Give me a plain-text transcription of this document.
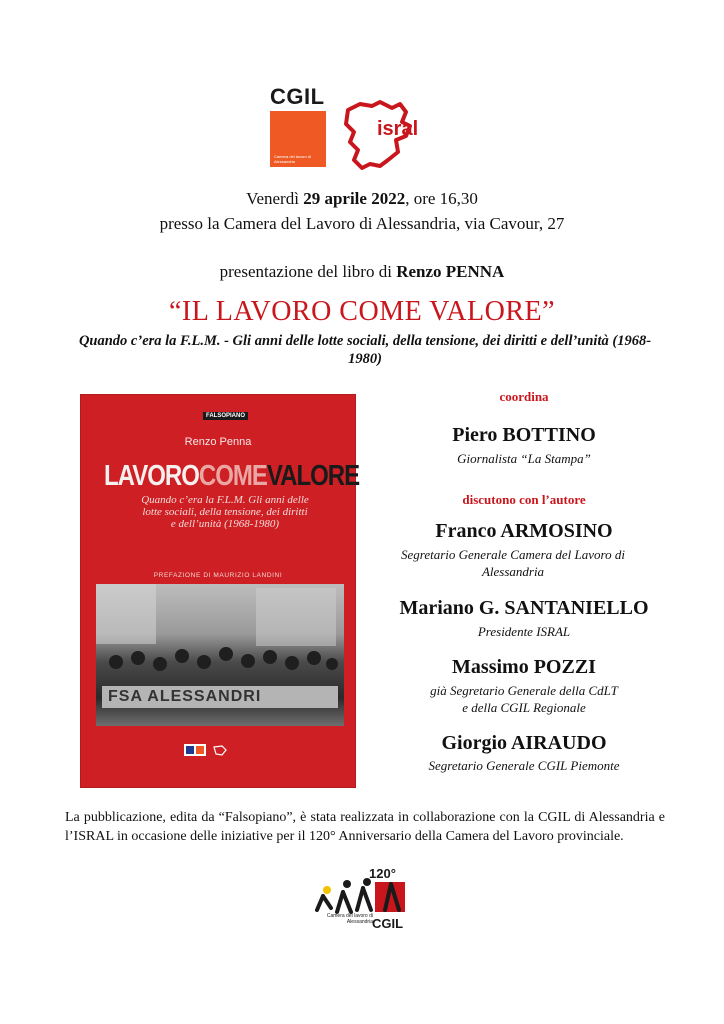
CGIL
Camera del lavoro di Alessandria
isral
Venerdì 29 aprile 2022, ore 16,30
presso la Camera del Lavoro di Alessandria, via Cavour, 27
presentazione del libro di Renzo PENNA
“IL LAVORO COME VALORE”
Quando c’era la F.L.M. - Gli anni delle lotte sociali, della tensione, dei diritti e dell’unità (1968-1980)
FALSOPIANO
Renzo Penna
LAVOROCOMEVALORE
Quando c’era la F.L.M. Gli anni delle lotte sociali, della tensione, dei diritti e dell’unità (1968-1980)
PREFAZIONE DI MAURIZIO LANDINI
FSA ALESSANDRI
coordina
Piero BOTTINO
Giornalista “La Stampa”
discutono con l’autore
Franco ARMOSINO
Segretario Generale Camera del Lavoro di Alessandria
Mariano G. SANTANIELLO
Presidente ISRAL
Massimo POZZI
già Segretario Generale della CdLT
e della CGIL Regionale
Giorgio AIRAUDO
Segretario Generale CGIL Piemonte
La pubblicazione, edita da “Falsopiano”, è stata realizzata in collaborazione con la CGIL di Alessandria e l’ISRAL in occasione delle iniziative per il 120° Anniversario della Camera del Lavoro provinciale.
120°
Camera del lavoro di Alessandria CGIL
